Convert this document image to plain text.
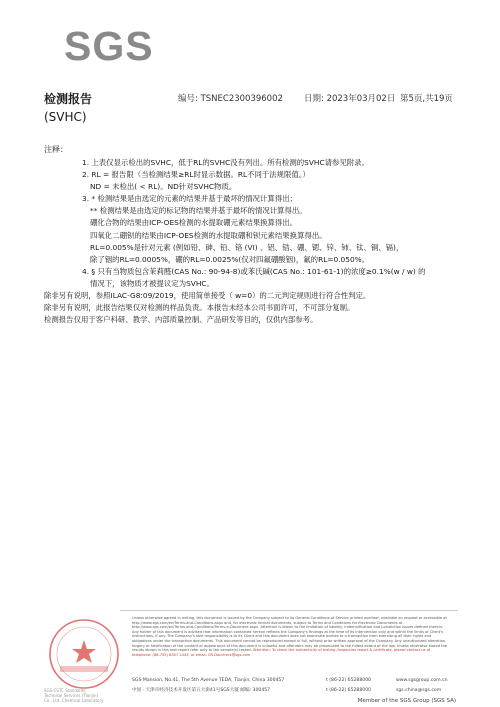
SGS
检测报告
(SVHC)
编号: TSNEC2300396002 日期: 2023年03月02日 第5页,共19页
注释：
1. 上表仅显示检出的SVHC，低于RL的SVHC没有列出。所有检测的SVHC请参见附录。
2. RL = 报告限（当检测结果≥RL时显示数据。RL不同于法规限值。）
ND = 未检出( < RL)。ND针对SVHC物质。
3. * 检测结果是由选定的元素的结果并基于最坏的情况计算得出；
** 检测结果是由选定的标记物的结果并基于最坏的情况计算得出。
硼化合物的结果由ICP-OES检测的水提取硼元素结果换算得出。
四氧化二硼钡的结果由ICP-OES检测的水提取硼和钡元素结果换算得出。
RL=0.005%是针对元素 (例如铅、砷、铅、铬 (VI) 、铝、锆、硼、锶、锌、铈、钛、铜、镉)，
除了铟的RL=0.0005%，硼的RL=0.0025%(仅对四氟硼酸铟)，氟的RL=0.050%。
4. § 只有当物质包含茉莉醛(CAS No.: 90-94-8)或苯氏碱(CAS No.: 101-61-1)的浓度≥0.1%(w / w) 的
情况下，该物质才被提议定为SVHC。
除非另有说明，参照ILAC-G8:09/2019，使用简单接受（ w=0）的二元判定规则进行符合性判定。
除非另有说明，此报告结果仅对检测的样品负责。本报告未经本公司书面许可，不可部分复制。
检测报告仅用于客户科研、教学、内部质量控制、产品研发等目的，仅供内部参考。
SGS-CSTC Standards Technical Services (Tianjin) Co., Ltd. Chemical Laboratory
Unless otherwise agreed in writing, this document is issued by the Company subject to its General Conditions of Service printed overleaf, available on request or accessible at http://www.sgs.com/en/Terms-and-Conditions.aspx and, for electronic format documents, subject to Terms and Conditions for Electronic Documents at http://www.sgs.com/en/Terms-and-Conditions/Terms-e-Document.aspx. Attention is drawn to the limitation of liability, indemnification and jurisdiction issues defined therein. Any holder of this document is advised that information contained hereon reflects the Company's findings at the time of its intervention only and within the limits of Client's instructions, if any. The Company's sole responsibility is to its Client and this document does not exonerate parties to a transaction from exercising all their rights and obligations under the transaction documents. This document cannot be reproduced except in full, without prior written approval of the Company. Any unauthorized alteration, forgery or falsification of the content or appearance of this document is unlawful and offenders may be prosecuted to the fullest extent of the law. Unless otherwise stated the results shown in this test report refer only to the sample(s) tested. Attention: To check the authenticity of testing /inspection report & certificate, please contact us at telephone: (86-755) 8307 1443, or email: CN.Doccheck@sgs.com
SGS Mansion, No.41, The 5th Avenue TEDA, Tianjin, China 300457	t (86-22) 65288000	www.sgsgroup.com.cn
中国 · 天津市经济技术开发区第五大街41号SGS大厦 邮编: 300457	t (86-22) 65288000	sgs.china@sgs.com
Member of the SGS Group (SGS SA)
